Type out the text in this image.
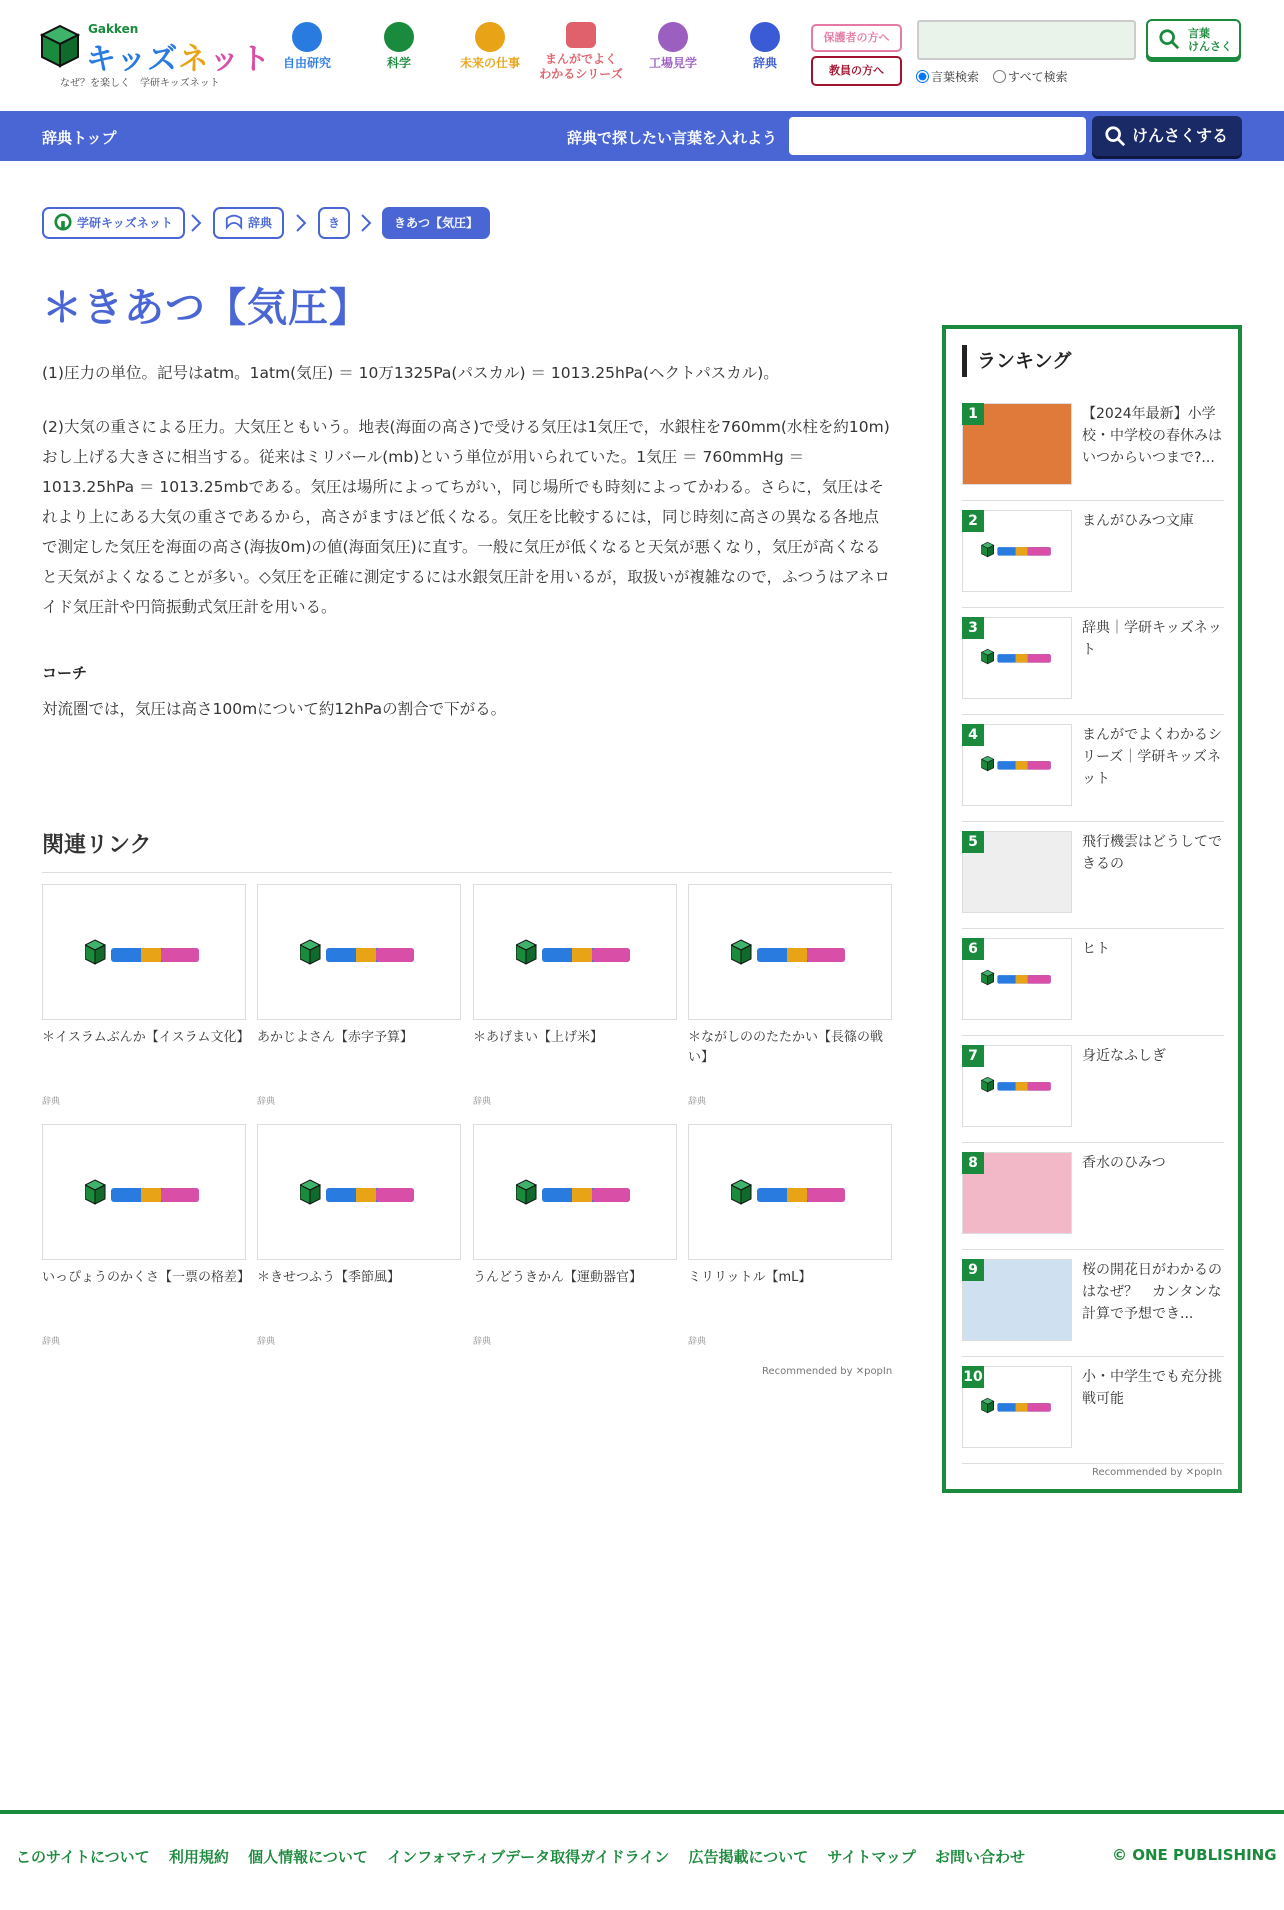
Gakken
キッズネット
なぜ？を楽しく　学研キッズネット
自由研究	科学	未来の仕事	まんがでよく
わかるシリーズ
工場見学	辞典
保護者の方へ
教員の方へ
言葉
けんさく
言葉検索 すべて検索
辞典トップ	辞典で探したい言葉を入れよう	けんさくする
学研キッズネット	辞典	き	きあつ【気圧】
＊きあつ【気圧】

(1)圧力の単位。記号はatm。1atm(気圧) ＝ 10万1325Pa(パスカル) ＝ 1013.25hPa(ヘクトパスカル)。

(2)大気の重さによる圧力。大気圧ともいう。地表(海面の高さ)で受ける気圧は1気圧で，水銀柱を760mm(水柱を約10m)おし上げる大きさに相当する。従来はミリバール(mb)という単位が用いられていた。1気圧 ＝ 760mmHg ＝ 1013.25hPa ＝ 1013.25mbである。気圧は場所によってちがい，同じ場所でも時刻によってかわる。さらに，気圧はそれより上にある大気の重さであるから，高さがますほど低くなる。気圧を比較するには，同じ時刻に高さの異なる各地点で測定した気圧を海面の高さ(海抜0m)の値(海面気圧)に直す。一般に気圧が低くなると天気が悪くなり，気圧が高くなると天気がよくなることが多い。◇気圧を正確に測定するには水銀気圧計を用いるが，取扱いが複雑なので，ふつうはアネロイド気圧計や円筒振動式気圧計を用いる。

コーチ

対流圏では，気圧は高さ100mについて約12hPaの割合で下がる。

関連リンク
＊イスラムぶんか【イスラム文化】
辞典
あかじよさん【赤字予算】
辞典
＊あげまい【上げ米】
辞典
＊ながしののたたかい【長篠の戦い】
辞典
いっぴょうのかくさ【一票の格差】
辞典
＊きせつふう【季節風】
辞典
うんどうきかん【運動器官】
辞典
ミリリットル【mL】
辞典
Recommended by ✕popIn
ランキング
1	【2024年最新】小学校・中学校の春休みはいつからいつまで?...
2	まんがひみつ文庫
3	辞典｜学研キッズネット
4	まんがでよくわかるシリーズ｜学研キッズネット
5	飛行機雲はどうしてできるの
6	ヒト
7	身近なふしぎ
8	香水のひみつ
9	桜の開花日がわかるのはなぜ？　カンタンな計算で予想でき...
10	小・中学生でも充分挑戦可能
Recommended by ✕popIn
このサイトについて 利用規約 個人情報について インフォマティブデータ取得ガイドライン 広告掲載について サイトマップ お問い合わせ	© ONE PUBLISHING
